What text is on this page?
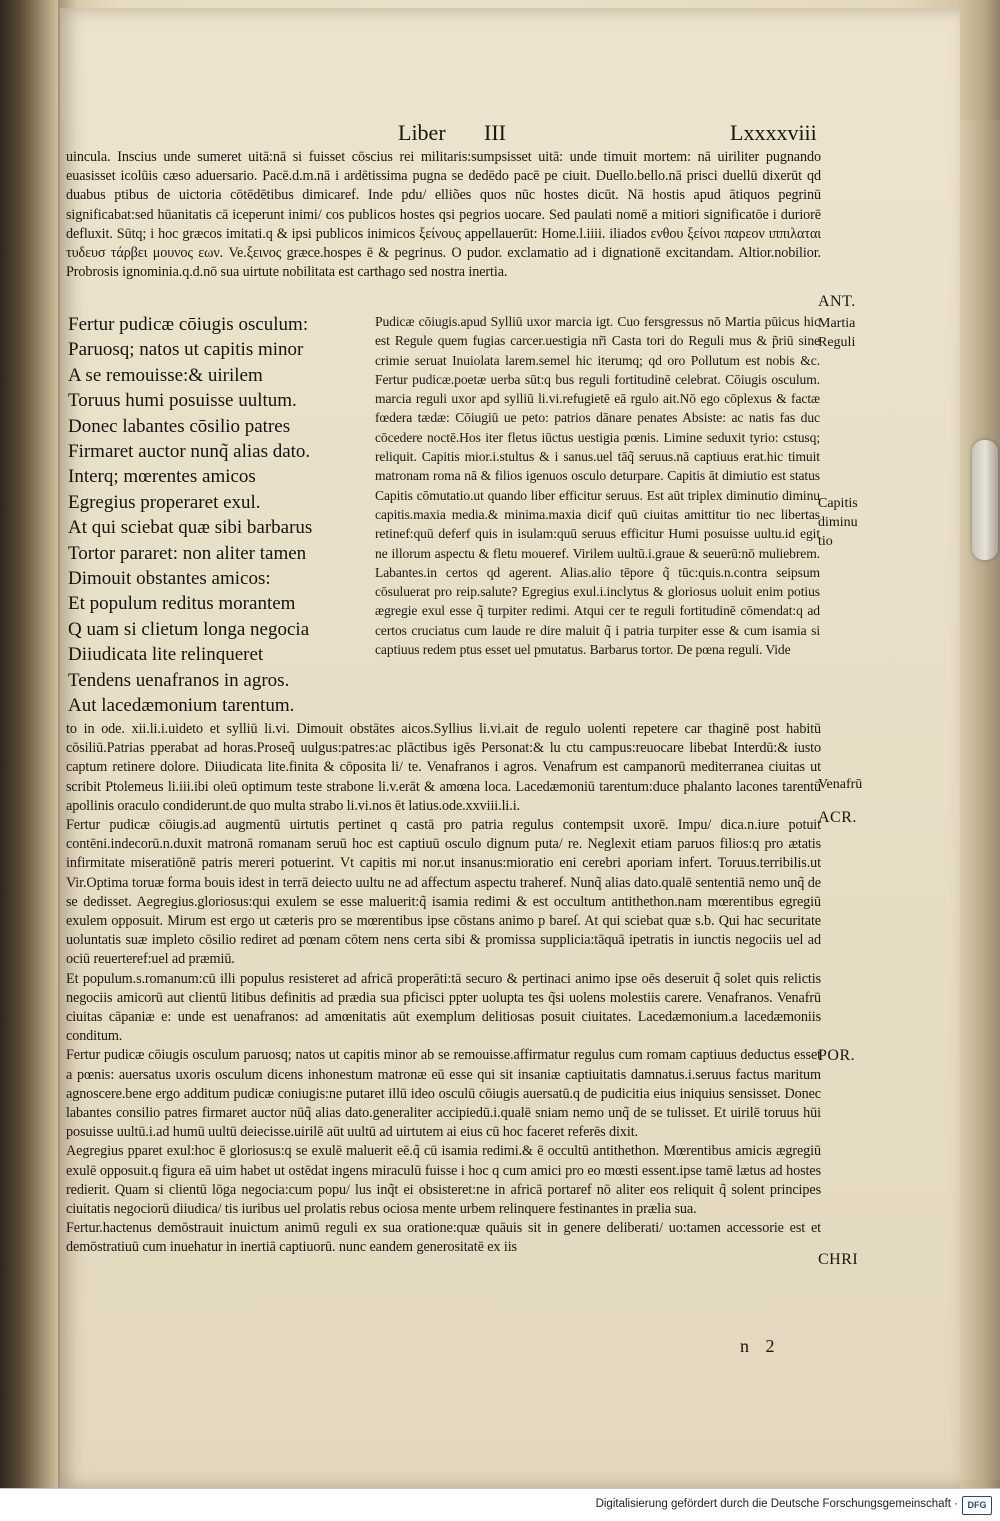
Liber III	Lxxxxviii
uincula. Inscius unde sumeret uitā:nā si fuisset cōscius rei militaris:sumpsisset uitā: unde timuit mortem: nā uiriliter pugnando euasisset icolūis cæso aduersario. Pacē.d.m.nā i ardētissima pugna se dedēdo pacē pe ciuit. Duello.bello.nā prisci duellū dixerūt qd duabus ptibus de uictoria cōtēdētibus dimicaref. Inde pdu/ elliões quos nūc hostes dicūt. Nā hostis apud ātiquos pegrinū significabat:sed hūanitatis cā iceperunt inimi/ cos publicos hostes qsi pegrios uocare. Sed paulati nomē a mitiori significatōe i duriorē defluxit. Sūtq; i hoc græcos imitati.q & ipsi publicos inimicos ξείνους appellauerūt: Home.l.iiii. iliados ενθου ξείνοι παρεον ιππιλαται τυδευσ τάρβει μουνος εων. Ve.ξεινος græce.hospes ē & pegrinus. O pudor. exclamatio ad i dignationē excitandam. Altior.nobilior. Probrosis ignominia.q.d.nō sua uirtute nobilitata est carthago sed nostra inertia.
Fertur pudicæ cōiugis osculum:
Paruosq; natos ut capitis minor
A se remouisse:& uirilem
Toruus humi posuisse uultum.
Donec labantes cōsilio patres
Firmaret auctor nunq̃ alias dato.
Interq; mœrentes amicos
Egregius properaret exul.
At qui sciebat quæ sibi barbarus
Tortor pararet: non aliter tamen
Dimouit obstantes amicos:
Et populum reditus morantem
Q uam si clietum longa negocia
Diiudicata lite relinqueret
Tendens uenafranos in agros.
Aut lacedæmonium tarentum.
Pudicæ cōiugis.apud Sylliū uxor marcia igt. Cuo fersgressus nō Martia pūicus hic est Regule quem fugias carcer.uestigia nr̃i Casta tori do Reguli mus & p̃riū sine crimie seruat Inuiolata larem.semel hic iterumq; qd oro Pollutum est nobis &c. Fertur pudicæ.poetæ uerba sūt:q bus reguli fortitudinē celebrat. Cōiugis osculum. marcia reguli uxor apd sylliū li.vi.refugietē eā rgulo ait.Nō ego cōplexus & factæ fœdera tædæ: Cōiugiū ue peto: patrios dānare penates Absiste: ac natis fas duc cōcedere noctē.Hos iter fletus iūctus uestigia pœnis. Limine seduxit tyrio: cstusq; reliquit. Capitis mior.i.stultus & i sanus.uel tāq̃ seruus.nā captiuus erat.hic timuit matronam roma nā & filios igenuos osculo deturpare. Capitis āt dimiutio est status Capitis cōmutatio.ut quando liber efficitur seruus. Est aūt triplex diminutio diminu capitis.maxia media.& minima.maxia dicif quū ciuitas amittitur tio nec libertas retinef:quū deferf quis in isulam:quū seruus efficitur Humi posuisse uultu.id egit ne illorum aspectu & fletu moueref. Virilem uultū.i.graue & seuerū:nō muliebrem. Labantes.in certos qd agerent. Alias.alio tēpore q̃ tūc:quis.n.contra seipsum cōsuluerat pro reip.salute? Egregius exul.i.inclytus & gloriosus uoluit enim potius ægregie exul esse q̃ turpiter redimi. Atqui cer te reguli fortitudinē cōmendat:q ad certos cruciatus cum laude re dire maluit q̃ i patria turpiter esse & cum isamia si captiuus redem ptus esset uel pmutatus. Barbarus tortor. De pœna reguli. Vide
to in ode. xii.li.i.uideto et sylliū li.vi. Dimouit obstātes aicos.Syllius li.vi.ait de regulo uolenti repetere car thaginē post habitū cōsiliū.Patrias pperabat ad horas.Proseq̃ uulgus:patres:ac plāctibus igēs Personat:& lu ctu campus:reuocare libebat Interdū:& iusto captum retinere dolore. Diiudicata lite.finita & cōposita li/ te. Venafranos i agros. Venafrum est campanorū mediterranea ciuitas ut scribit Ptolemeus li.iii.ibi oleū optimum teste strabone li.v.erāt & amœna loca. Lacedæmoniū tarentum:duce phalanto lacones tarentū apollinis oraculo condiderunt.de quo multa strabo li.vi.nos ēt latius.ode.xxviii.li.i.
Fertur pudicæ cōiugis.ad augmentū uirtutis pertinet q castā pro patria regulus contempsit uxorē. Impu/ dica.n.iure potuit contēni.indecorū.n.duxit matronā romanam seruū hoc est captiuū osculo dignum puta/ re. Neglexit etiam paruos filios:q pro ætatis infirmitate miseratiōnē patris mereri potuerint. Vt capitis mi nor.ut insanus:mioratio eni cerebri aporiam infert. Toruus.terribilis.ut Vir.Optima toruæ forma bouis idest in terrā deiecto uultu ne ad affectum aspectu traheref. Nunq̃ alias dato.qualē sententiā nemo unq̃ de se dedisset. Aegregius.gloriosus:qui exulem se esse maluerit:q̃ isamia redimi & est occultum antithethon.nam mœrentibus egregiū exulem opposuit. Mirum est ergo ut cæteris pro se mœrentibus ipse cōstans animo p bareſ. At qui sciebat quæ s.b. Qui hac securitate uoluntatis suæ impleto cōsilio rediret ad pœnam cōtem nens certa sibi & promissa supplicia:tāquā ipetratis in iunctis negociis uel ad ociū reuerteref:uel ad præmiū.
Et populum.s.romanum:cū illi populus resisteret ad africā properāti:tā securo & pertinaci animo ipse oēs deseruit q̃ solet quis relictis negociis amicorū aut clientū litibus definitis ad prædia sua pficisci ppter uolupta tes q̃si uolens molestiis carere. Venafranos. Venafrū ciuitas cāpaniæ e: unde est uenafranos: ad amœnitatis aūt exemplum delitiosas posuit ciuitates. Lacedæmonium.a lacedæmoniis conditum.
Fertur pudicæ cōiugis osculum paruosq; natos ut capitis minor ab se remouisse.affirmatur regulus cum romam captiuus deductus esset a pœnis: auersatus uxoris osculum dicens inhonestum matronæ eū esse qui sit insaniæ captiuitatis damnatus.i.seruus factus maritum agnoscere.bene ergo additum pudicæ coniugis:ne putaret illū ideo osculū cōiugis auersatū.q de pudicitia eius iniquius sensisset. Donec labantes consilio patres firmaret auctor nūq̃ alias dato.generaliter accipiedū.i.qualē sniam nemo unq̃ de se tulisset. Et uirilē toruus hūi posuisse uultū.i.ad humū uultū deiecisse.uirilē aūt uultū ad uirtutem ai eius cū hoc faceret referēs dixit.
Aegregius pparet exul:hoc ē gloriosus:q se exulē maluerit eē.q̃ cū isamia redimi.& ē occultū antithethon. Mœrentibus amicis ægregiū exulē opposuit.q figura eā uim habet ut ostēdat ingens miraculū fuisse i hoc q cum amici pro eo mœsti essent.ipse tamē lætus ad hostes redierit. Quam si clientū lōga negocia:cum popu/ lus inq̃t ei obsisteret:ne in africā portaref nō aliter eos reliquit q̃ solent principes ciuitatis negociorū diiudica/ tis iuribus uel prolatis rebus ociosa mente urbem relinquere festinantes in prælia sua.
Fertur.hactenus demōstrauit inuictum animū reguli ex sua oratione:quæ quāuis sit in genere deliberati/ uo:tamen accessorie est et demōstratiuū cum inuehatur in inertiā captiuorū. nunc eandem generositatē ex iis
ANT.
Martia
Reguli
Capitis
diminu
tio
Venafrū
ACR.
POR.
CHRI
n 2
Digitalisierung gefördert durch die Deutsche Forschungsgemeinschaft ·	DFG
